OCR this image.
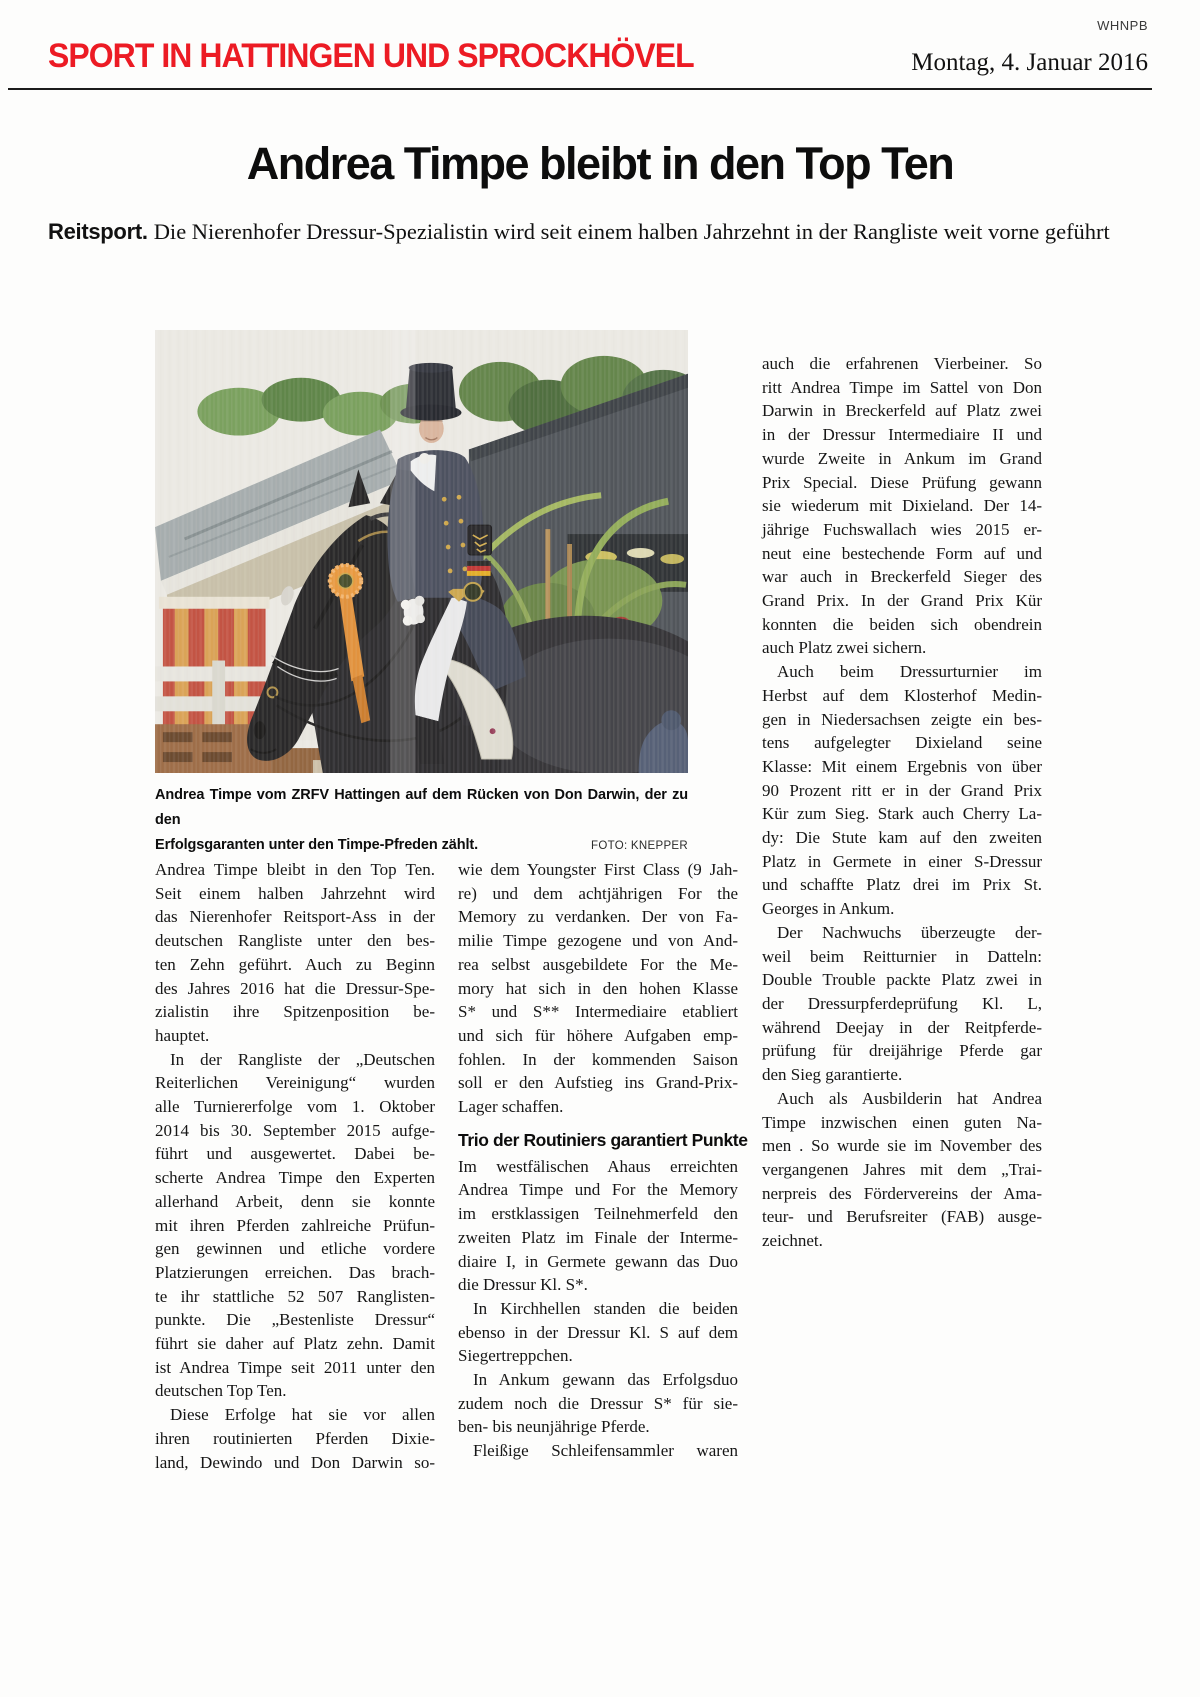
WHNPB
SPORT IN HATTINGEN UND SPROCKHÖVEL	Montag, 4. Januar 2016
Andrea Timpe bleibt in den Top Ten
Reitsport. Die Nierenhofer Dressur-Spezialistin wird seit einem halben Jahrzehnt in der Rangliste weit vorne geführt
Andrea Timpe vom ZRFV Hattingen auf dem Rücken von Don Darwin, der zu den
Erfolgsgaranten unter den Timpe-Pfreden zählt.	FOTO: KNEPPER
Andrea Timpe bleibt in den Top Ten.
Seit einem halben Jahrzehnt wird
das Nierenhofer Reitsport-Ass in der
deutschen Rangliste unter den bes-
ten Zehn geführt. Auch zu Beginn
des Jahres 2016 hat die Dressur-Spe-
zialistin ihre Spitzenposition be-
hauptet.
In der Rangliste der „Deutschen
Reiterlichen Vereinigung“ wurden
alle Turniererfolge vom 1. Oktober
2014 bis 30. September 2015 aufge-
führt und ausgewertet. Dabei be-
scherte Andrea Timpe den Experten
allerhand Arbeit, denn sie konnte
mit ihren Pferden zahlreiche Prüfun-
gen gewinnen und etliche vordere
Platzierungen erreichen. Das brach-
te ihr stattliche 52 507 Ranglisten-
punkte. Die „Bestenliste Dressur“
führt sie daher auf Platz zehn. Damit
ist Andrea Timpe seit 2011 unter den
deutschen Top Ten.
Diese Erfolge hat sie vor allen
ihren routinierten Pferden Dixie-
land, Dewindo und Don Darwin so-
wie dem Youngster First Class (9 Jah-
re) und dem achtjährigen For the
Memory zu verdanken. Der von Fa-
milie Timpe gezogene und von And-
rea selbst ausgebildete For the Me-
mory hat sich in den hohen Klasse
S* und S** Intermediaire etabliert
und sich für höhere Aufgaben emp-
fohlen. In der kommenden Saison
soll er den Aufstieg ins Grand-Prix-
Lager schaffen.
Trio der Routiniers garantiert Punkte
Im westfälischen Ahaus erreichten
Andrea Timpe und For the Memory
im erstklassigen Teilnehmerfeld den
zweiten Platz im Finale der Interme-
diaire I, in Germete gewann das Duo
die Dressur Kl. S*.
In Kirchhellen standen die beiden
ebenso in der Dressur Kl. S auf dem
Siegertreppchen.
In Ankum gewann das Erfolgsduo
zudem noch die Dressur S* für sie-
ben- bis neunjährige Pferde.
Fleißige Schleifensammler waren
auch die erfahrenen Vierbeiner. So
ritt Andrea Timpe im Sattel von Don
Darwin in Breckerfeld auf Platz zwei
in der Dressur Intermediaire II und
wurde Zweite in Ankum im Grand
Prix Special. Diese Prüfung gewann
sie wiederum mit Dixieland. Der 14-
jährige Fuchswallach wies 2015 er-
neut eine bestechende Form auf und
war auch in Breckerfeld Sieger des
Grand Prix. In der Grand Prix Kür
konnten die beiden sich obendrein
auch Platz zwei sichern.
Auch beim Dressurturnier im
Herbst auf dem Klosterhof Medin-
gen in Niedersachsen zeigte ein bes-
tens aufgelegter Dixieland seine
Klasse: Mit einem Ergebnis von über
90 Prozent ritt er in der Grand Prix
Kür zum Sieg. Stark auch Cherry La-
dy: Die Stute kam auf den zweiten
Platz in Germete in einer S-Dressur
und schaffte Platz drei im Prix St.
Georges in Ankum.
Der Nachwuchs überzeugte der-
weil beim Reitturnier in Datteln:
Double Trouble packte Platz zwei in
der Dressurpferdeprüfung Kl. L,
während Deejay in der Reitpferde-
prüfung für dreijährige Pferde gar
den Sieg garantierte.
Auch als Ausbilderin hat Andrea
Timpe inzwischen einen guten Na-
men . So wurde sie im November des
vergangenen Jahres mit dem „Trai-
nerpreis des Fördervereins der Ama-
teur- und Berufsreiter (FAB) ausge-
zeichnet.
